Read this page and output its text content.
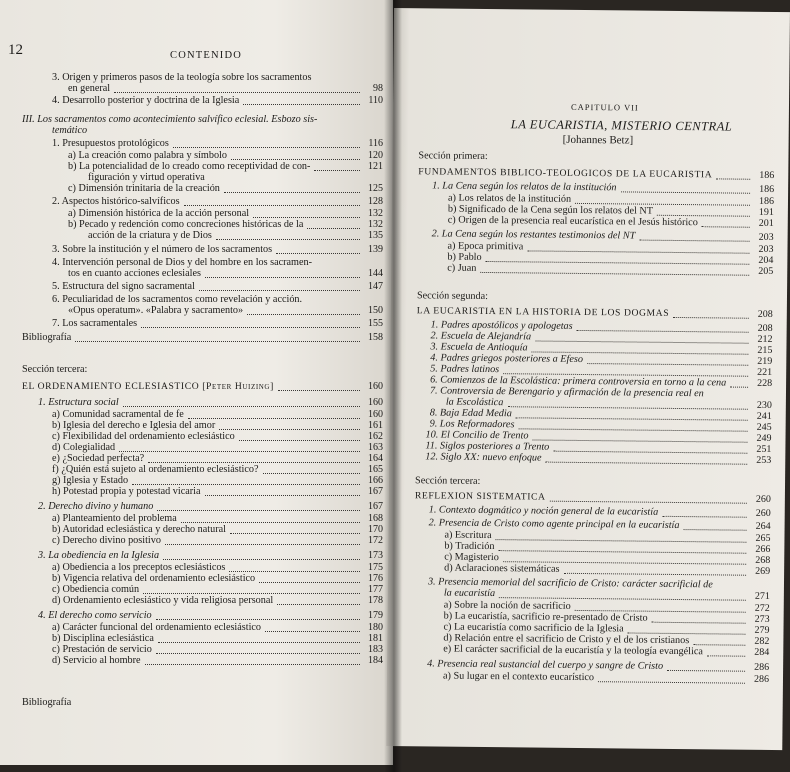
12	CONTENIDO
3. Origen y primeros pasos de la teología sobre los sacramentos
en general	98
4. Desarrollo posterior y doctrina de la Iglesia	110
III. Los sacramentos como acontecimiento salvífico eclesial. Esbozo sis-
temático
1. Presupuestos protológicos	116
a) La creación como palabra y símbolo	120
b) La potencialidad de lo creado como receptividad de con-	121
figuración y virtud operativa
c) Dimensión trinitaria de la creación	125
2. Aspectos histórico-salvíficos	128
a) Dimensión histórica de la acción personal	132
b) Pecado y redención como concreciones históricas de la	132
acción de la criatura y de Dios	135
3. Sobre la institución y el número de los sacramentos	139
4. Intervención personal de Dios y del hombre en los sacramen-
tos en cuanto acciones eclesiales	144
5. Estructura del signo sacramental	147
6. Peculiaridad de los sacramentos como revelación y acción.
«Opus operatum». «Palabra y sacramento»	150
7. Los sacramentales	155
Bibliografía	158
Sección tercera:
EL ORDENAMIENTO ECLESIASTICO [Peter Huizing]	160
1. Estructura social	160
a) Comunidad sacramental de fe	160
b) Iglesia del derecho e Iglesia del amor	161
c) Flexibilidad del ordenamiento eclesiástico	162
d) Colegialidad	163
e) ¿Sociedad perfecta?	164
f) ¿Quién está sujeto al ordenamiento eclesiástico?	165
g) Iglesia y Estado	166
h) Potestad propia y potestad vicaria	167
2. Derecho divino y humano	167
a) Planteamiento del problema	168
b) Autoridad eclesiástica y derecho natural	170
c) Derecho divino positivo	172
3. La obediencia en la Iglesia	173
a) Obediencia a los preceptos eclesiásticos	175
b) Vigencia relativa del ordenamiento eclesiástico	176
c) Obediencia común	177
d) Ordenamiento eclesiástico y vida religiosa personal	178
4. El derecho como servicio	179
a) Carácter funcional del ordenamiento eclesiástico	180
b) Disciplina eclesiástica	181
c) Prestación de servicio	183
d) Servicio al hombre	184
Bibliografía
CAPITULO VII
LA EUCARISTIA, MISTERIO CENTRAL
[Johannes Betz]
Sección primera:
FUNDAMENTOS BIBLICO-TEOLOGICOS DE LA EUCARISTIA	186
1. La Cena según los relatos de la institución	186
a) Los relatos de la institución	186
b) Significado de la Cena según los relatos del NT	191
c) Origen de la presencia real eucarística en el Jesús histórico	201
2. La Cena según los restantes testimonios del NT	203
a) Epoca primitiva	203
b) Pablo	204
c) Juan	205
Sección segunda:
LA EUCARISTIA EN LA HISTORIA DE LOS DOGMAS	208
1. Padres apostólicos y apologetas	208
2. Escuela de Alejandría	212
3. Escuela de Antioquía	215
4. Padres griegos posteriores a Efeso	219
5. Padres latinos	221
6. Comienzos de la Escolástica: primera controversia en torno a la cena	228
7. Controversia de Berengario y afirmación de la presencia real en
la Escolástica	230
8. Baja Edad Media	241
9. Los Reformadores	245
10. El Concilio de Trento	249
11. Siglos posteriores a Trento	251
12. Siglo XX: nuevo enfoque	253
Sección tercera:
REFLEXION SISTEMATICA	260
1. Contexto dogmático y noción general de la eucaristía	260
2. Presencia de Cristo como agente principal en la eucaristía	264
a) Escritura	265
b) Tradición	266
c) Magisterio	268
d) Aclaraciones sistemáticas	269
3. Presencia memorial del sacrificio de Cristo: carácter sacrificial de
la eucaristía	271
a) Sobre la noción de sacrificio	272
b) La eucaristía, sacrificio re-presentado de Cristo	273
c) La eucaristía como sacrificio de la Iglesia	279
d) Relación entre el sacrificio de Cristo y el de los cristianos	282
e) El carácter sacrificial de la eucaristía y la teología evangélica	284
4. Presencia real sustancial del cuerpo y sangre de Cristo	286
a) Su lugar en el contexto eucarístico	286
